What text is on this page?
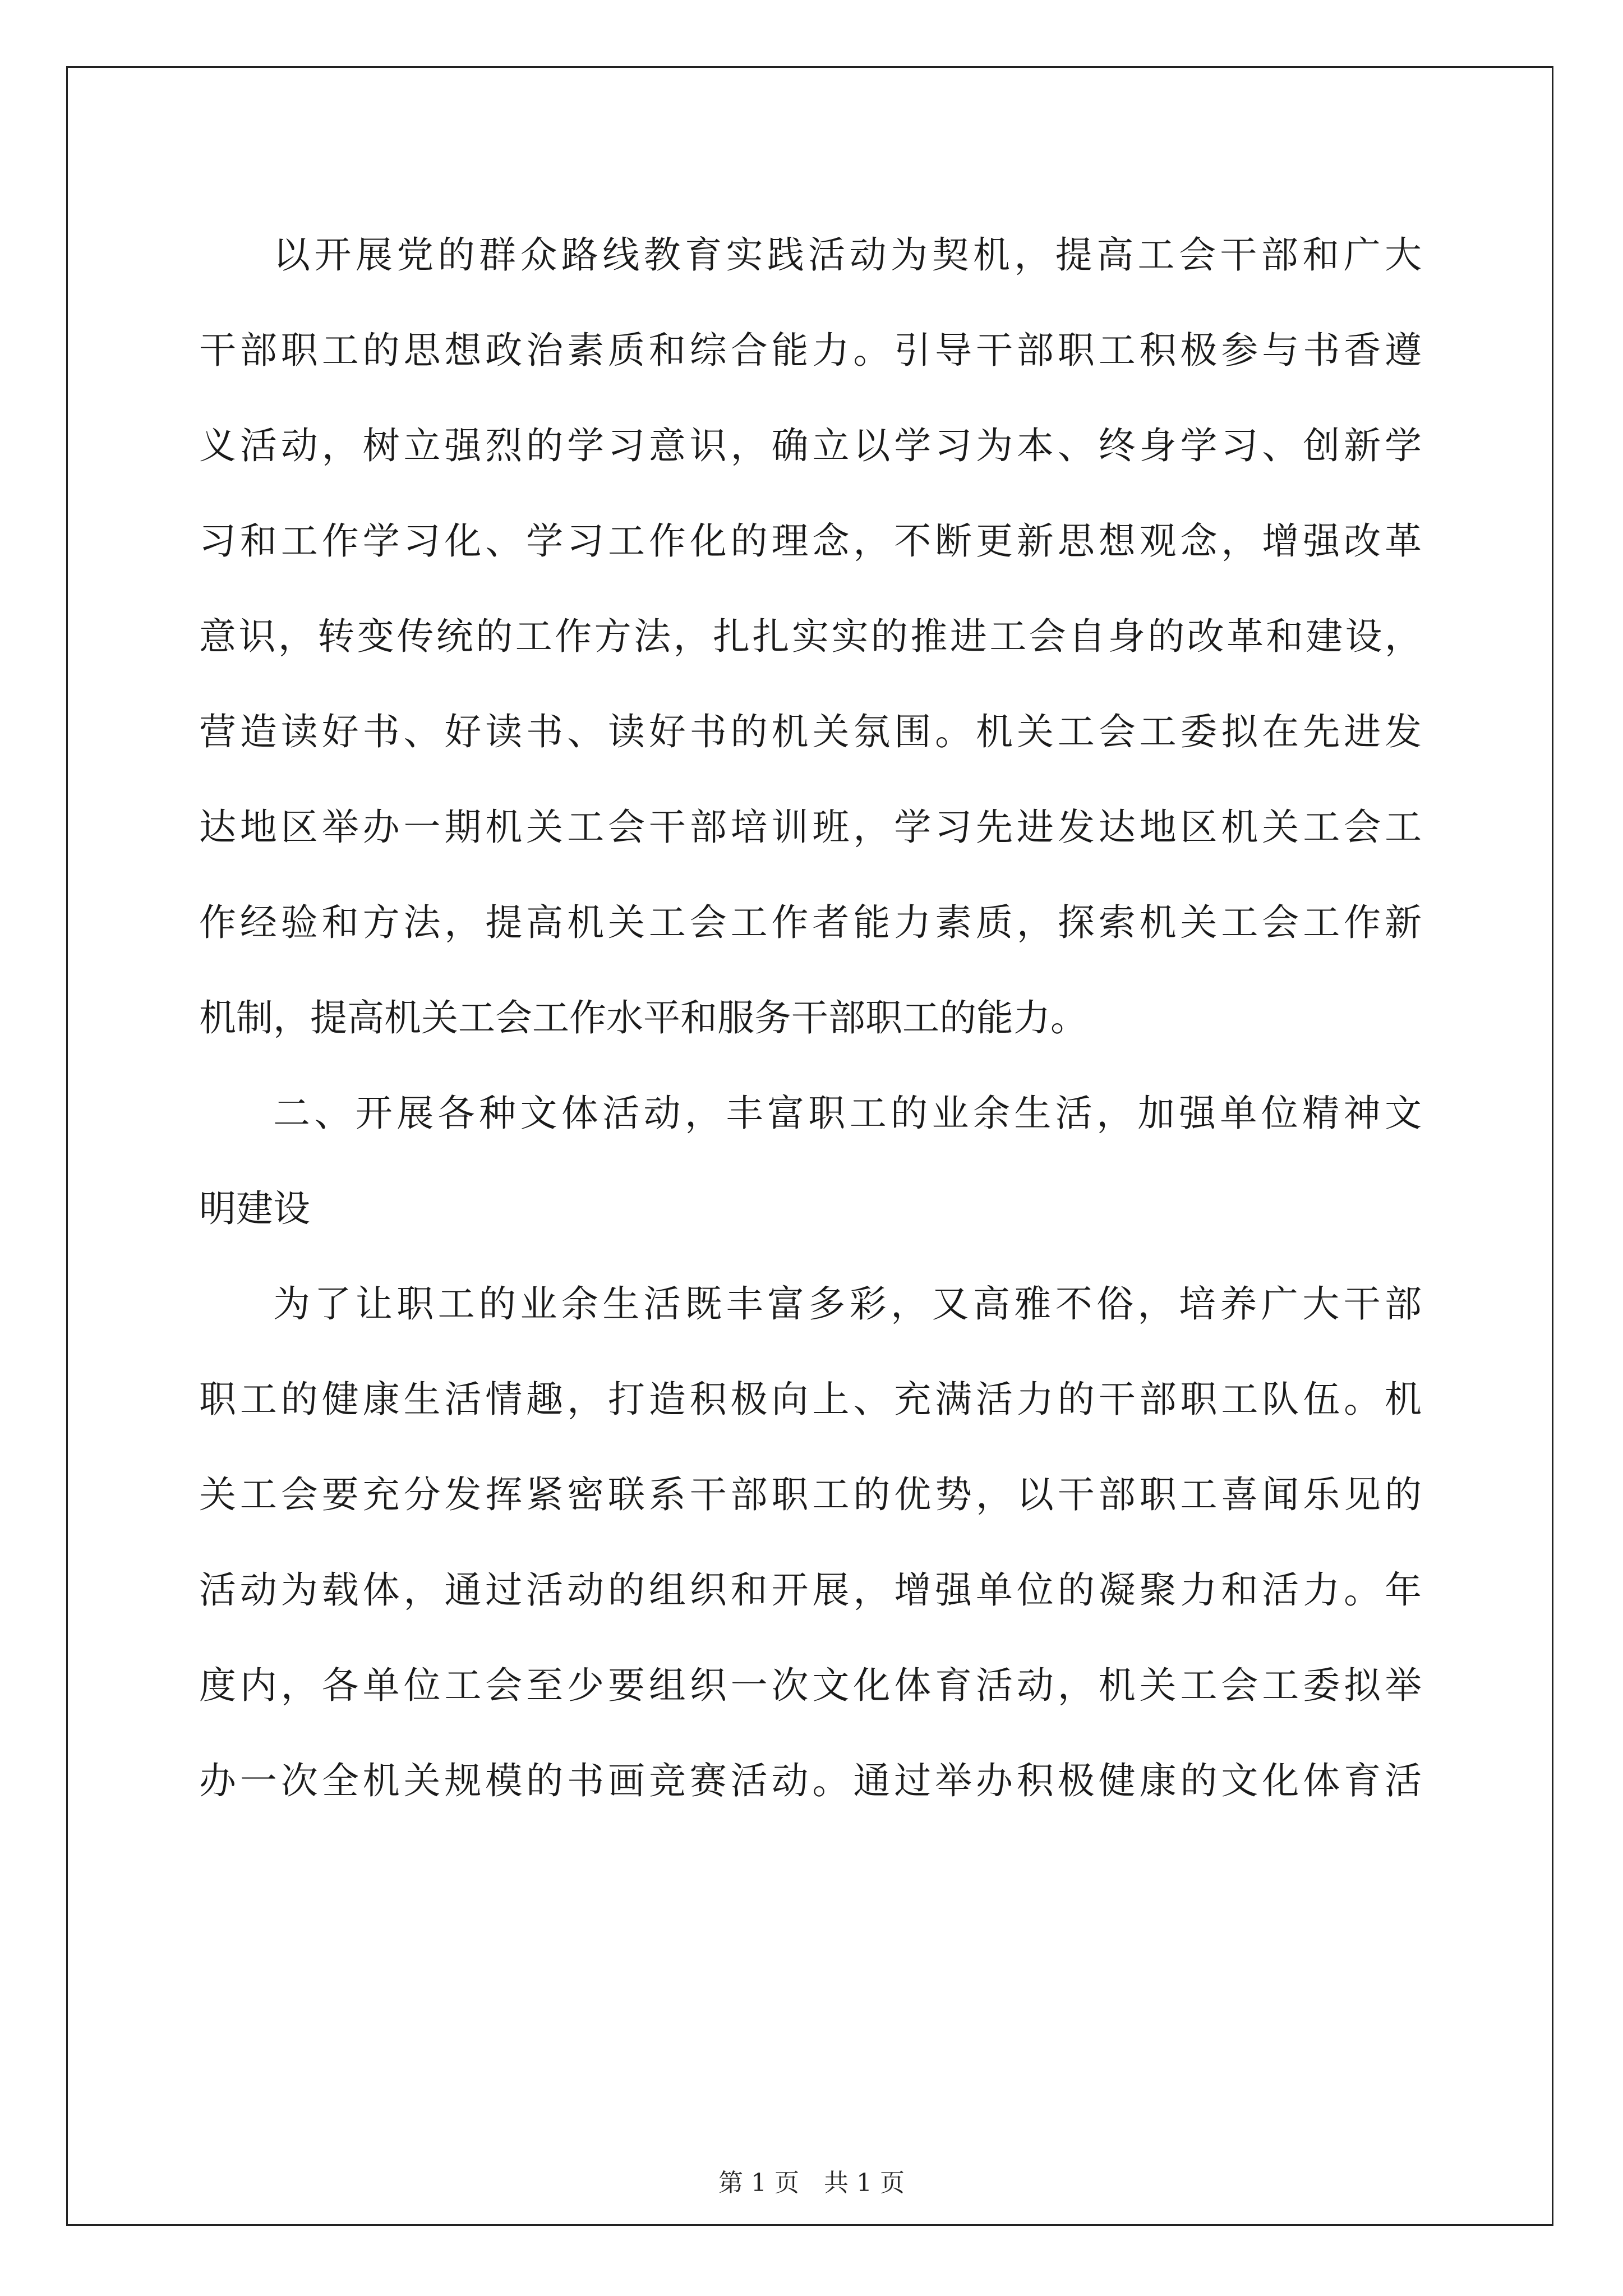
以开展党的群众路线教育实践活动为契机，提高工会干部和广大
干部职工的思想政治素质和综合能力。引导干部职工积极参与书香遵
义活动，树立强烈的学习意识，确立以学习为本、终身学习、创新学
习和工作学习化、学习工作化的理念，不断更新思想观念，增强改革
意识，转变传统的工作方法，扎扎实实的推进工会自身的改革和建设，
营造读好书、好读书、读好书的机关氛围。机关工会工委拟在先进发
达地区举办一期机关工会干部培训班，学习先进发达地区机关工会工
作经验和方法，提高机关工会工作者能力素质，探索机关工会工作新
机制，提高机关工会工作水平和服务干部职工的能力。
二、开展各种文体活动，丰富职工的业余生活，加强单位精神文
明建设
为了让职工的业余生活既丰富多彩，又高雅不俗，培养广大干部
职工的健康生活情趣，打造积极向上、充满活力的干部职工队伍。机
关工会要充分发挥紧密联系干部职工的优势，以干部职工喜闻乐见的
活动为载体，通过活动的组织和开展，增强单位的凝聚力和活力。年
度内，各单位工会至少要组织一次文化体育活动，机关工会工委拟举
办一次全机关规模的书画竞赛活动。通过举办积极健康的文化体育活
第 1 页　共 1 页
